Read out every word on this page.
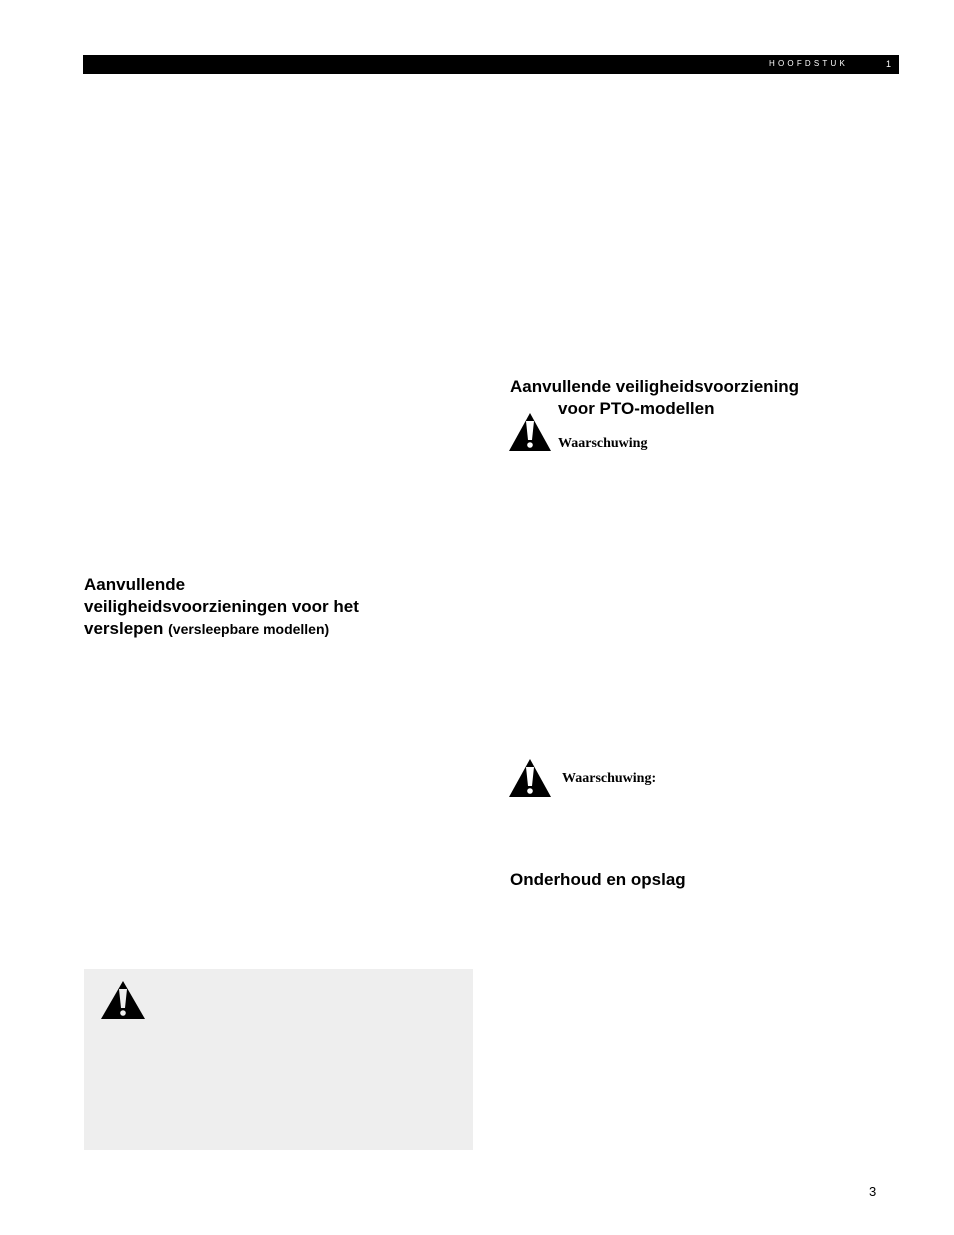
HOOFDSTUK	1
Aanvullende
veiligheidsvoorzieningen voor het
verslepen (versleepbare modellen)
Aanvullende veiligheidsvoorziening
voor PTO-modellen
Waarschuwing
Waarschuwing:
Onderhoud en opslag
3
